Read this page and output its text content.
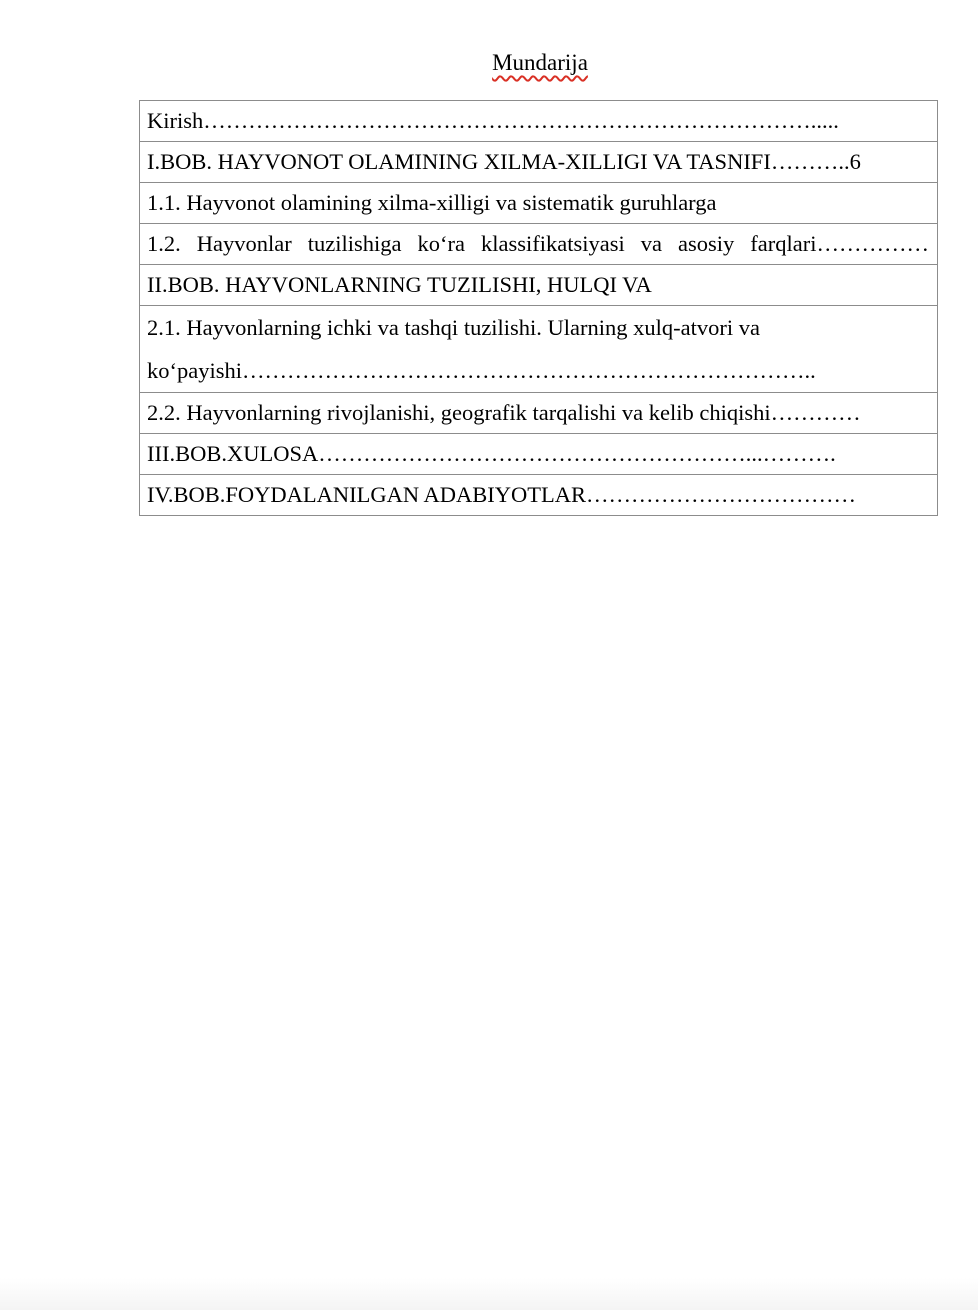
Mundarija
Kirish……………………………………………………………………….....
I.BOB. HAYVONOT OLAMINING XILMA-XILLIGI VA TASNIFI………..6
1.1. Hayvonot olamining xilma-xilligi va sistematik guruhlarga
1.2. Hayvonlar tuzilishiga ko‘ra klassifikatsiyasi va asosiy farqlari……………
II.BOB. HAYVONLARNING TUZILISHI, HULQI VA
2.1. Hayvonlarning ichki va tashqi tuzilishi. Ularning xulq-atvori va ko‘payishi…………………………………………………………………..
2.2. Hayvonlarning rivojlanishi, geografik tarqalishi va kelib chiqishi…………
III.BOB.XULOSA…………………………………………………...……….
IV.BOB.FOYDALANILGAN ADABIYOTLAR………………………………
